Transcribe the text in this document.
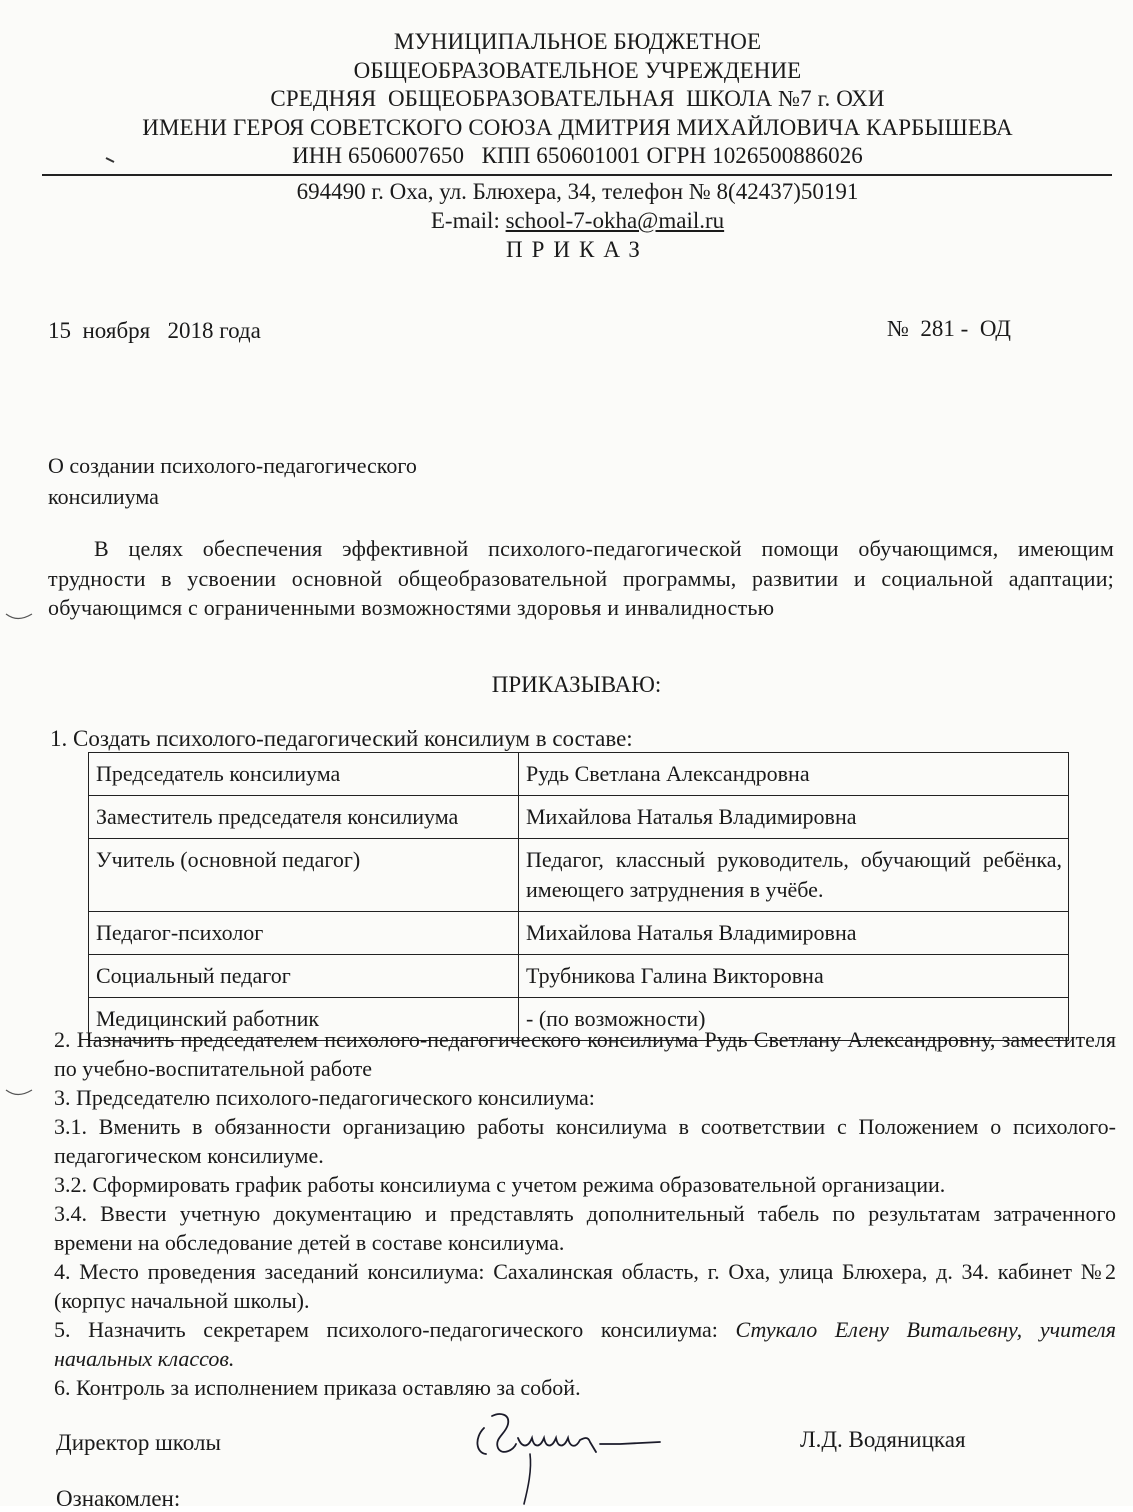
МУНИЦИПАЛЬНОЕ БЮДЖЕТНОЕ
ОБЩЕОБРАЗОВАТЕЛЬНОЕ УЧРЕЖДЕНИЕ
СРЕДНЯЯ  ОБЩЕОБРАЗОВАТЕЛЬНАЯ  ШКОЛА №7 г. ОХИ
ИМЕНИ ГЕРОЯ СОВЕТСКОГО СОЮЗА ДМИТРИЯ МИХАЙЛОВИЧА КАРБЫШЕВА
ИНН 6506007650   КПП 650601001 ОГРН 1026500886026
694490 г. Оха, ул. Блюхера, 34, телефон № 8(42437)50191
E-mail: school-7-okha@mail.ru
ПРИКАЗ
15  ноября   2018 года	№  281 -  ОД
О создании психолого-педагогического
консилиума
В целях обеспечения эффективной психолого-педагогической помощи обучающимся, имеющим трудности в усвоении основной общеобразовательной программы, развитии и социальной адаптации; обучающимся с ограниченными возможностями здоровья и инвалидностью
ПРИКАЗЫВАЮ:
1. Создать психолого-педагогический консилиум в составе:
Председатель консилиума	Рудь Светлана Александровна
Заместитель председателя консилиума	Михайлова Наталья Владимировна
Учитель (основной педагог)	Педагог, классный руководитель, обучающий ребёнка, имеющего затруднения в учёбе.
Педагог-психолог	Михайлова Наталья Владимировна
Социальный педагог	Трубникова Галина Викторовна
Медицинский работник	- (по возможности)

2. Назначить председателем психолого-педагогического консилиума Рудь Светлану Александровну, заместителя по учебно-воспитательной работе

3. Председателю психолого-педагогического консилиума:

3.1. Вменить в обязанности организацию работы консилиума в соответствии с Положением о психолого-педагогическом консилиуме.

3.2. Сформировать график работы консилиума с учетом режима образовательной организации.

3.4. Ввести учетную документацию и представлять дополнительный табель по результатам затраченного времени на обследование детей в составе консилиума.

4. Место проведения заседаний консилиума: Сахалинская область, г. Оха, улица Блюхера, д. 34. кабинет №2 (корпус начальной школы).

5. Назначить секретарем психолого-педагогического консилиума: Стукало Елену Витальевну, учителя начальных классов.

6. Контроль за исполнением приказа оставляю за собой.

Директор школы	Л.Д. Водяницкая
Ознакомлен:
